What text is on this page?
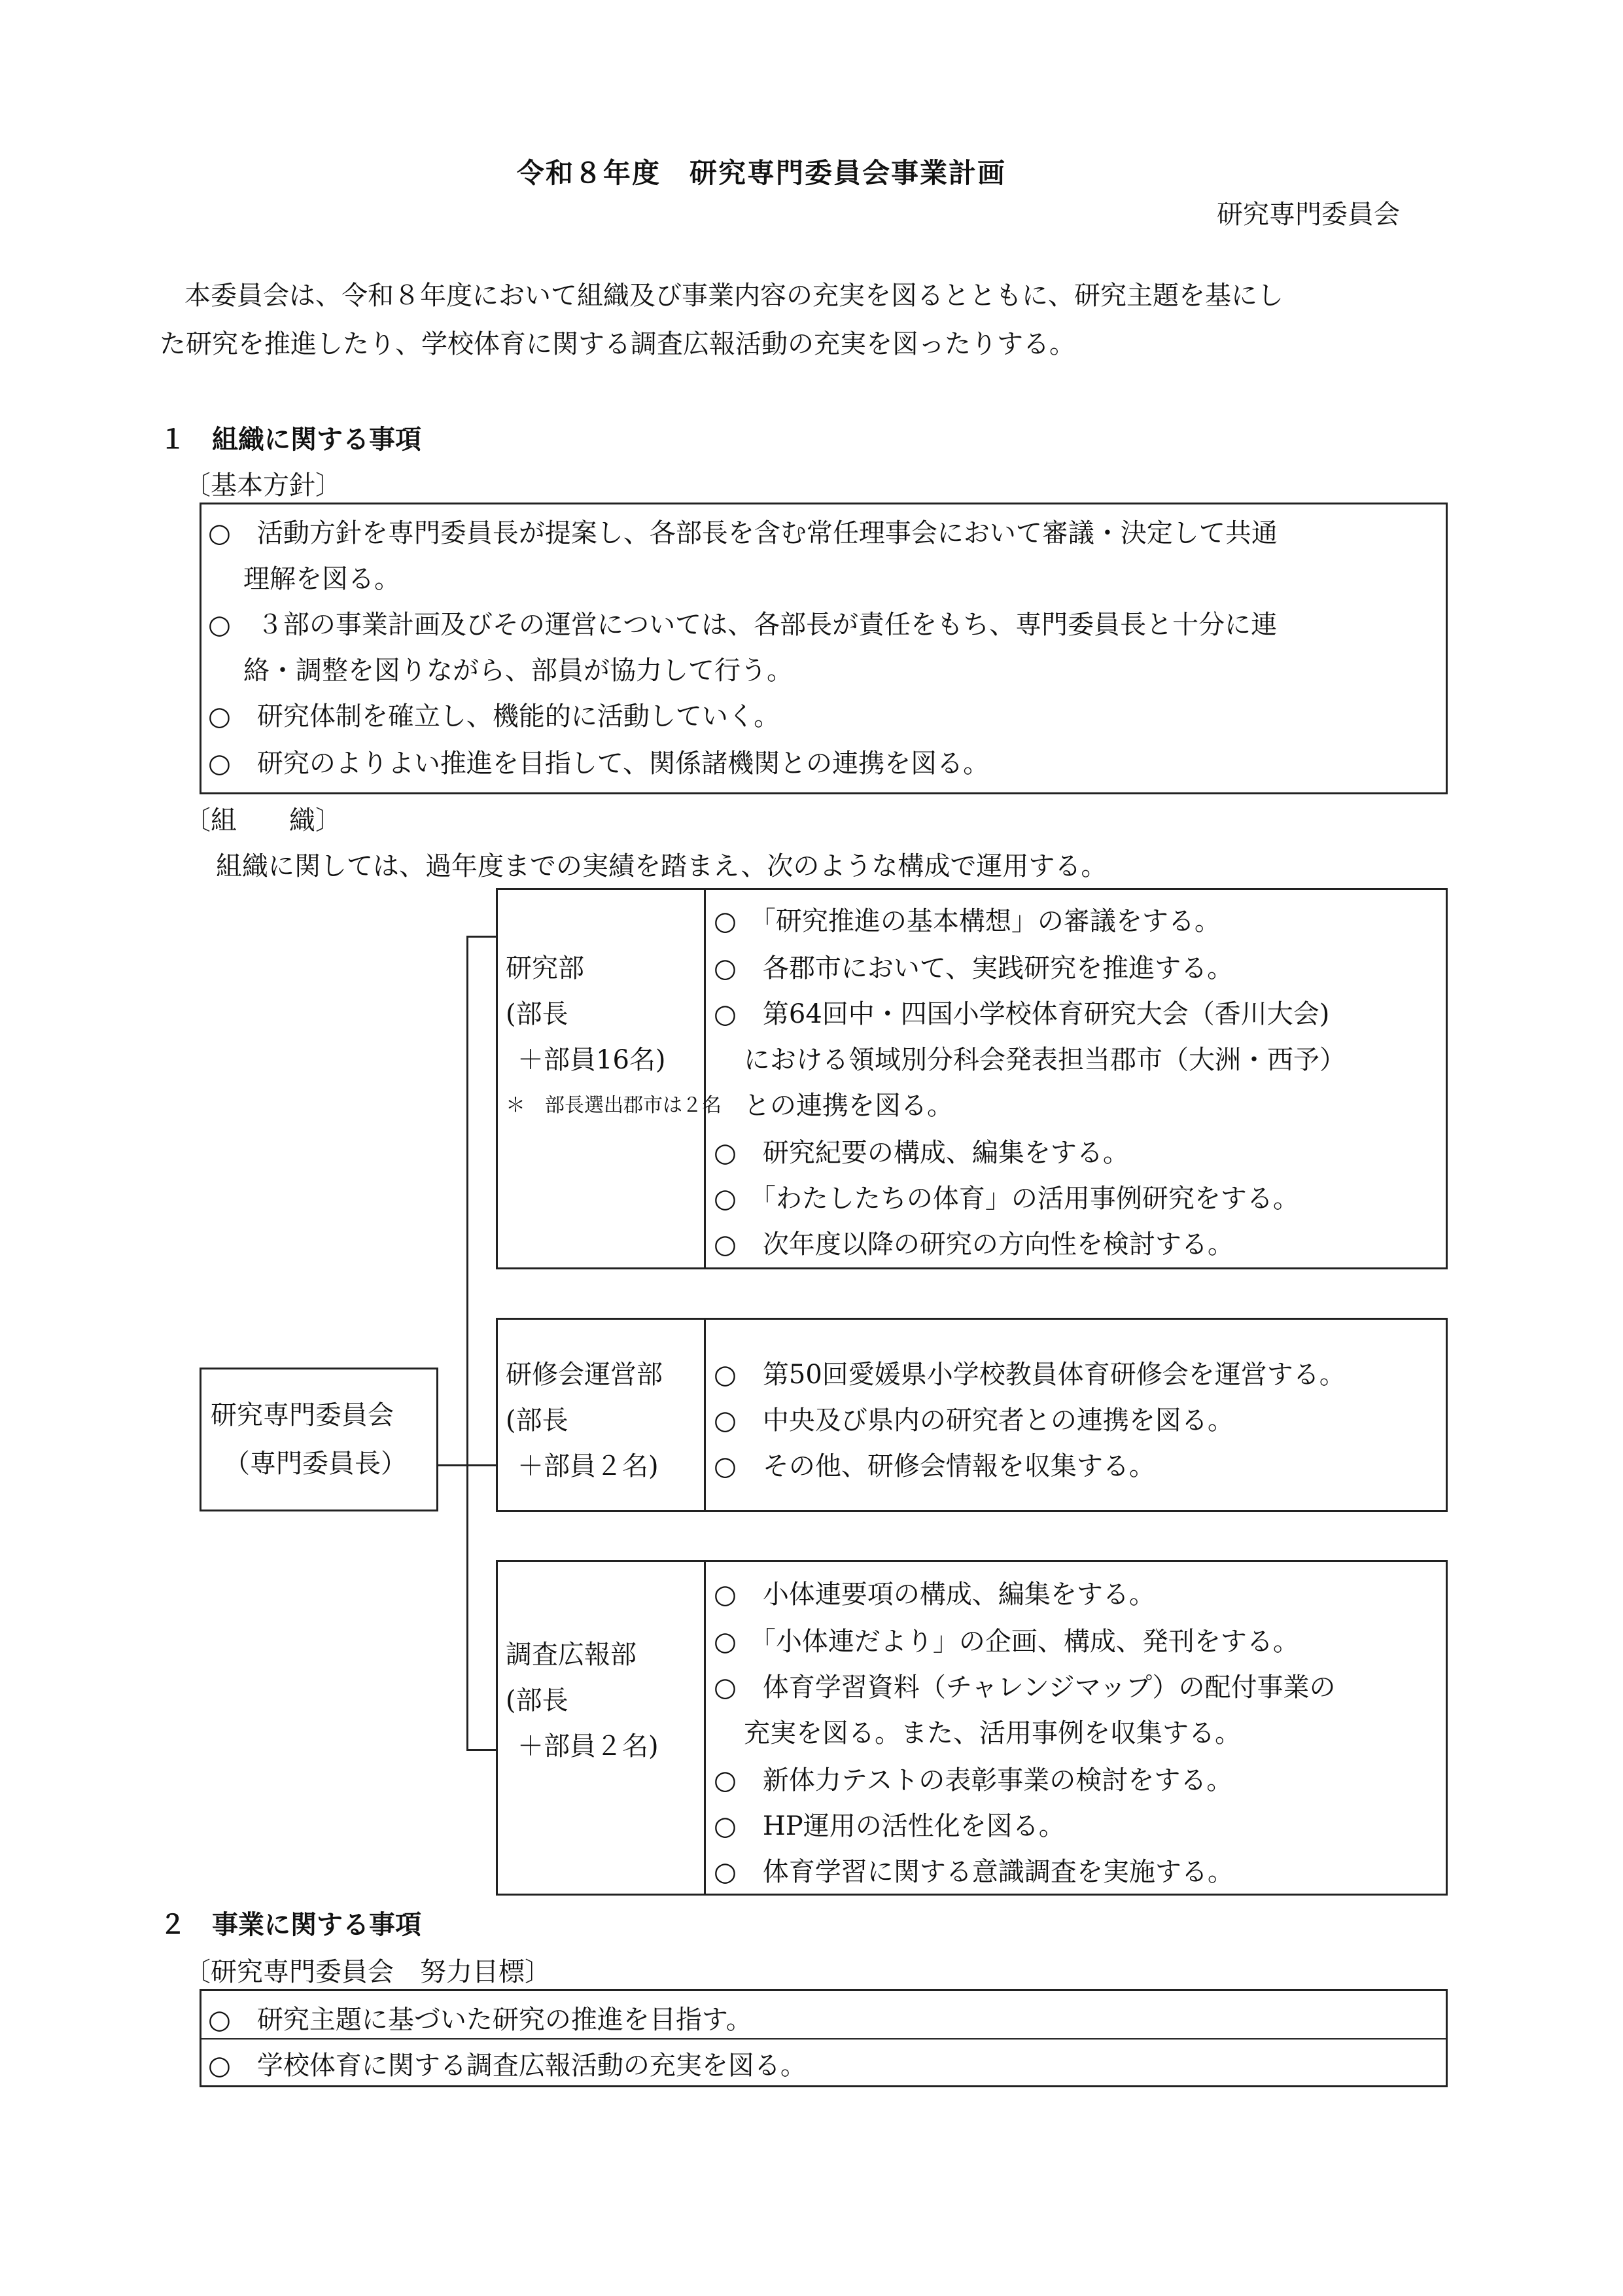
令和８年度　研究専門委員会事業計画
研究専門委員会
本委員会は、令和８年度において組織及び事業内容の充実を図るとともに、研究主題を基にし
た研究を推進したり、学校体育に関する調査広報活動の充実を図ったりする。
１　組織に関する事項
〔基本方針〕
○　活動方針を専門委員長が提案し、各部長を含む常任理事会において審議・決定して共通
理解を図る。
○　３部の事業計画及びその運営については、各部長が責任をもち、専門委員長と十分に連
絡・調整を図りながら、部員が協力して行う。
○　研究体制を確立し、機能的に活動していく。
○　研究のよりよい推進を目指して、関係諸機関との連携を図る。
〔組　　織〕
組織に関しては、過年度までの実績を踏まえ、次のような構成で運用する。
研究専門委員会
（専門委員長）
研究部
(部長
＋部員16名)
＊　部長選出郡市は２名
○　「研究推進の基本構想」の審議をする。
○　各郡市において、実践研究を推進する。
○　第64回中・四国小学校体育研究大会（香川大会)
における領域別分科会発表担当郡市（大洲・西予）
との連携を図る。
○　研究紀要の構成、編集をする。
○　「わたしたちの体育」の活用事例研究をする。
○　次年度以降の研究の方向性を検討する。
研修会運営部
(部長
＋部員２名)
○　第50回愛媛県小学校教員体育研修会を運営する。
○　中央及び県内の研究者との連携を図る。
○　その他、研修会情報を収集する。
調査広報部
(部長
＋部員２名)
○　小体連要項の構成、編集をする。
○　「小体連だより」の企画、構成、発刊をする。
○　体育学習資料（チャレンジマップ）の配付事業の
充実を図る。また、活用事例を収集する。
○　新体力テストの表彰事業の検討をする。
○　HP運用の活性化を図る。
○　体育学習に関する意識調査を実施する。
２　事業に関する事項
〔研究専門委員会　努力目標〕
○　研究主題に基づいた研究の推進を目指す。
○　学校体育に関する調査広報活動の充実を図る。
